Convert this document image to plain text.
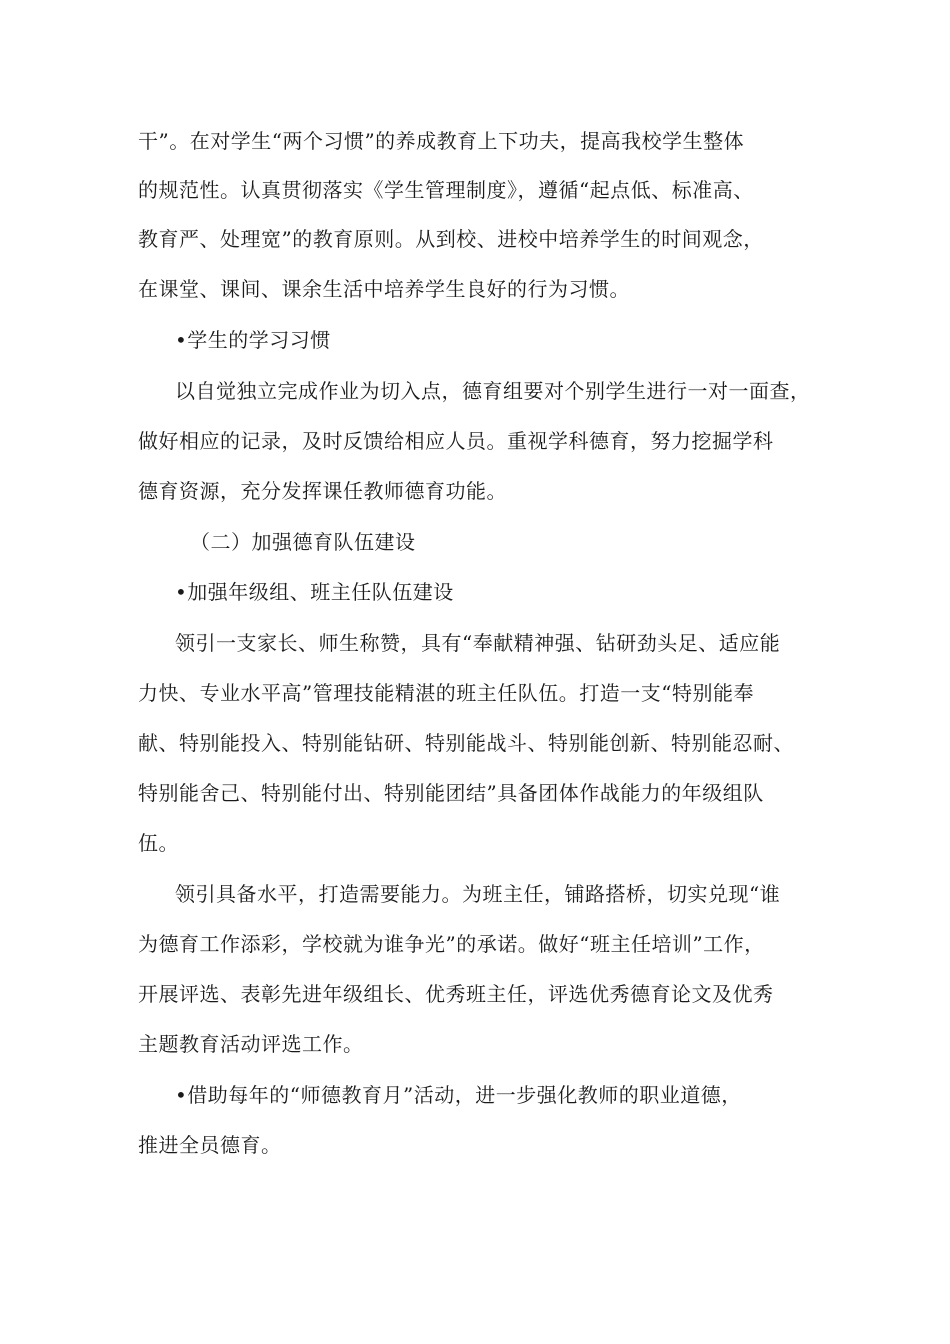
干”。在对学生“两个习惯”的养成教育上下功夫，提高我校学生整体
的规范性。认真贯彻落实《学生管理制度》，遵循“起点低、标准高、
教育严、处理宽”的教育原则。从到校、进校中培养学生的时间观念，
在课堂、课间、课余生活中培养学生良好的行为习惯。
•学生的学习习惯
以自觉独立完成作业为切入点，德育组要对个别学生进行一对一面查，
做好相应的记录，及时反馈给相应人员。重视学科德育，努力挖掘学科
德育资源，充分发挥课任教师德育功能。
（二）加强德育队伍建设
•加强年级组、班主任队伍建设
领引一支家长、师生称赞，具有“奉献精神强、钻研劲头足、适应能
力快、专业水平高”管理技能精湛的班主任队伍。打造一支“特别能奉
献、特别能投入、特别能钻研、特别能战斗、特别能创新、特别能忍耐、
特别能舍己、特别能付出、特别能团结”具备团体作战能力的年级组队
伍。
领引具备水平，打造需要能力。为班主任，铺路搭桥，切实兑现“谁
为德育工作添彩，学校就为谁争光”的承诺。做好“班主任培训”工作，
开展评选、表彰先进年级组长、优秀班主任，评选优秀德育论文及优秀
主题教育活动评选工作。
•借助每年的“师德教育月”活动，进一步强化教师的职业道德，
推进全员德育。
